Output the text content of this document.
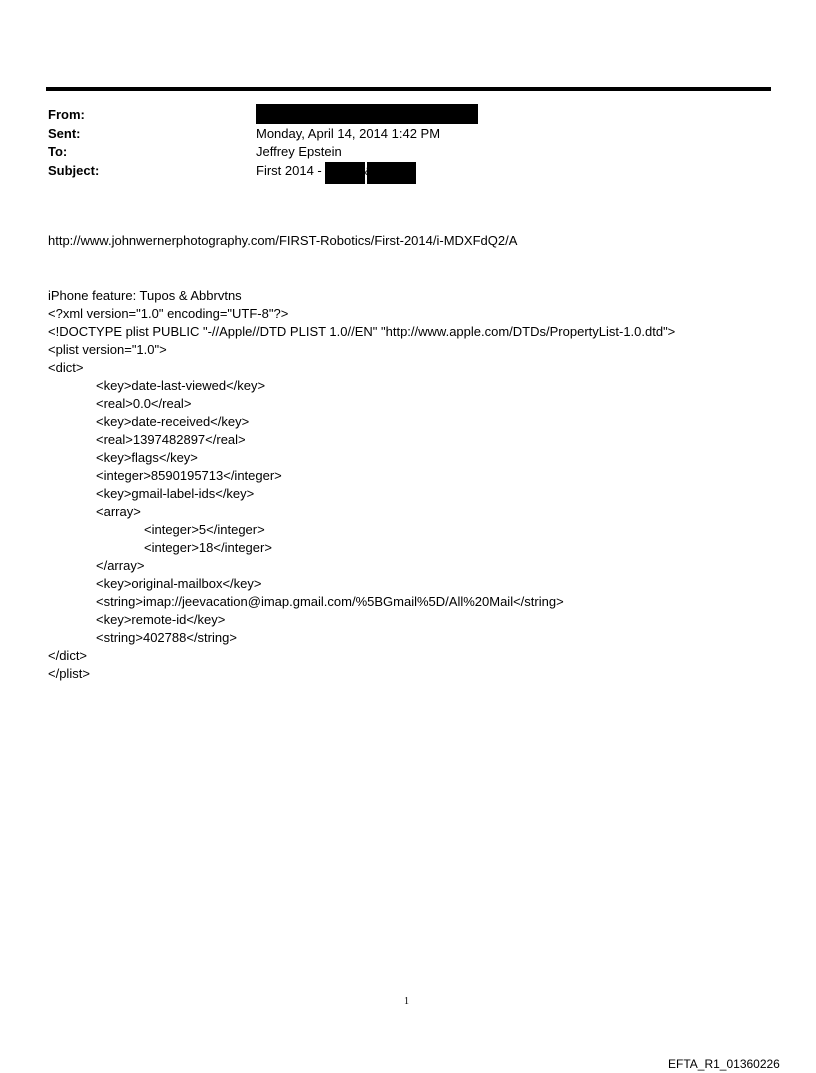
From:
Sent:	Monday, April 14, 2014 1:42 PM
To:	Jeffrey Epstein
Subject:	First 2014 -	&
http://www.johnwernerphotography.com/FIRST-Robotics/First-2014/i-MDXFdQ2/A
iPhone feature: Tupos & Abbrvtns
<?xml version="1.0" encoding="UTF-8"?>
<!DOCTYPE plist PUBLIC "-//Apple//DTD PLIST 1.0//EN" "http://www.apple.com/DTDs/PropertyList-1.0.dtd">
<plist version="1.0">
<dict>
<key>date-last-viewed</key>
<real>0.0</real>
<key>date-received</key>
<real>1397482897</real>
<key>flags</key>
<integer>8590195713</integer>
<key>gmail-label-ids</key>
<array>
<integer>5</integer>
<integer>18</integer>
</array>
<key>original-mailbox</key>
<string>imap://jeevacation@imap.gmail.com/%5BGmail%5D/All%20Mail</string>
<key>remote-id</key>
<string>402788</string>
</dict>
</plist>
1
EFTA_R1_01360226
